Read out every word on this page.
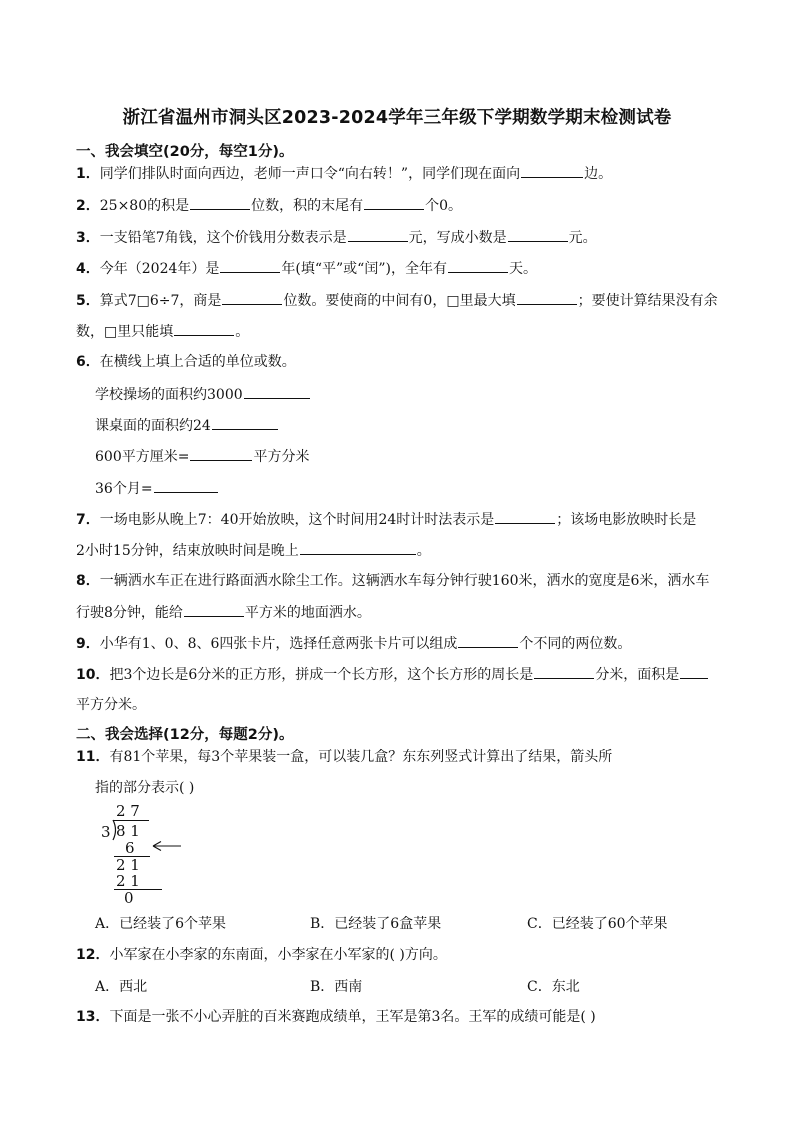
浙江省温州市洞头区2023-2024学年三年级下学期数学期末检测试卷
一、我会填空(20分，每空1分)。
1．同学们排队时面向西边，老师一声口令“向右转！”，同学们现在面向	边。
2．25×80的积是	位数，积的末尾有	个0。
3．一支铅笔7角钱，这个价钱用分数表示是	元，写成小数是	元。
4．今年（2024年）是	年(填“平”或“闰”)，全年有	天。
5．算式7□6÷7，商是	位数。要使商的中间有0，□里最大填	；要使计算结果没有余
数，□里只能填	。
6．在横线上填上合适的单位或数。
学校操场的面积约3000
课桌面的面积约24
600平方厘米=	平方分米
36个月=
7．一场电影从晚上7：40开始放映，这个时间用24时计时法表示是	；该场电影放映时长是
2小时15分钟，结束放映时间是晚上	。
8．一辆洒水车正在进行路面洒水除尘工作。这辆洒水车每分钟行驶160米，洒水的宽度是6米，洒水车
行驶8分钟，能给	平方米的地面洒水。
9．小华有1、0、8、6四张卡片，选择任意两张卡片可以组成	个不同的两位数。
10．把3个边长是6分米的正方形，拼成一个长方形，这个长方形的周长是	分米，面积是
平方分米。
二、我会选择(12分，每题2分)。
11．有81个苹果，每3个苹果装一盒，可以装几盒？东东列竖式计算出了结果，箭头所
指的部分表示( )
2 7
3 8 1
6
2 1
2 1
0
A．已经装了6个苹果	B．已经装了6盒苹果	C．已经装了60个苹果
12．小军家在小李家的东南面，小李家在小军家的( )方向。
A．西北	B．西南	C．东北
13．下面是一张不小心弄脏的百米赛跑成绩单，王军是第3名。王军的成绩可能是( )
